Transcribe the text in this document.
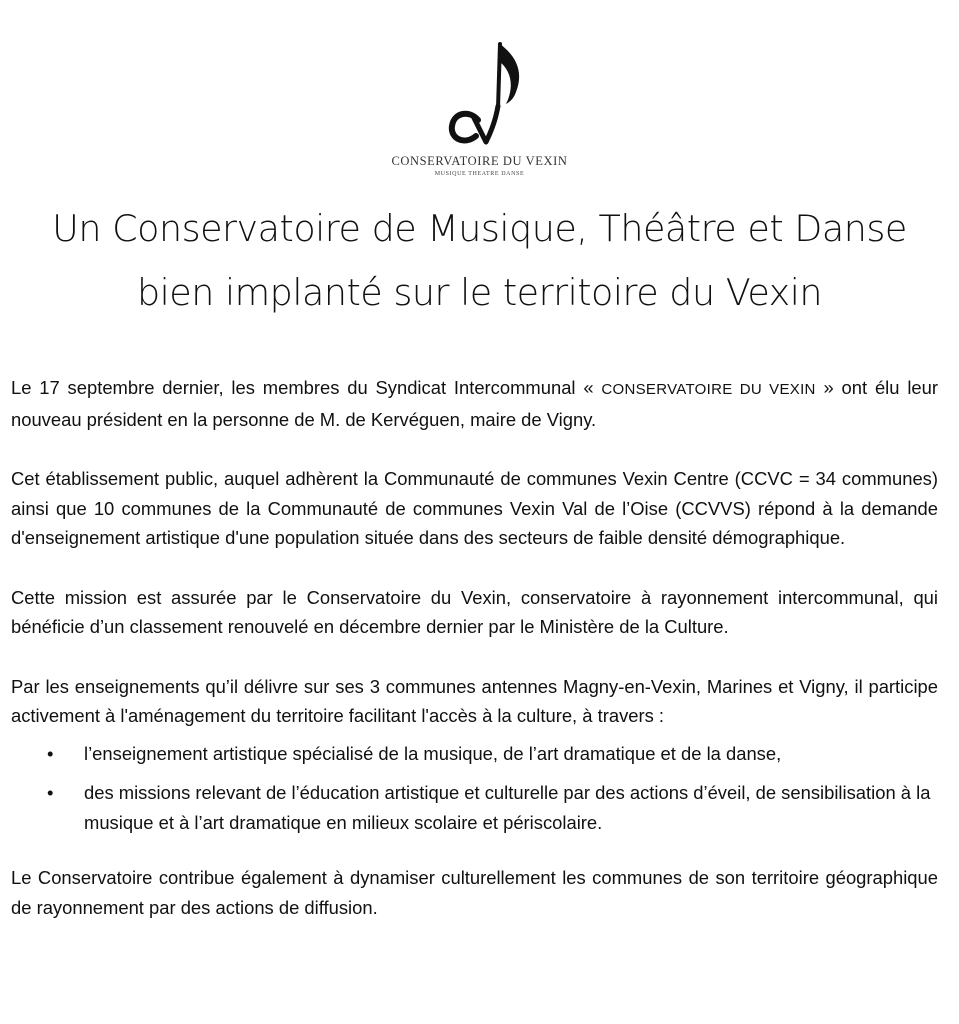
CONSERVATOIRE DU VEXIN
MUSIQUE THEATRE DANSE
Un Conservatoire de Musique, Théâtre et Danse
bien implanté sur le territoire du Vexin

Le 17 septembre dernier, les membres du Syndicat Intercommunal « CONSERVATOIRE DU VEXIN » ont élu leur nouveau président en la personne de M. de Kervéguen, maire de Vigny.

Cet établissement public, auquel adhèrent la Communauté de communes Vexin Centre (CCVC = 34 communes) ainsi que 10 communes de la Communauté de communes Vexin Val de l’Oise (CCVVS) répond à la demande d'enseignement artistique d'une population située dans des secteurs de faible densité démographique.

Cette mission est assurée par le Conservatoire du Vexin, conservatoire à rayonnement intercommunal, qui bénéficie d’un classement renouvelé en décembre dernier par le Ministère de la Culture.

Par les enseignements qu’il délivre sur ses 3 communes antennes Magny-en-Vexin, Marines et Vigny, il participe activement à l'aménagement du territoire facilitant l'accès à la culture, à travers :

• l’enseignement artistique spécialisé de la musique, de l’art dramatique et de la danse,
• des missions relevant de l’éducation artistique et culturelle par des actions d’éveil, de sensibilisation à la musique et à l’art dramatique en milieux scolaire et périscolaire.

Le Conservatoire contribue également à dynamiser culturellement les communes de son territoire géographique de rayonnement par des actions de diffusion.
